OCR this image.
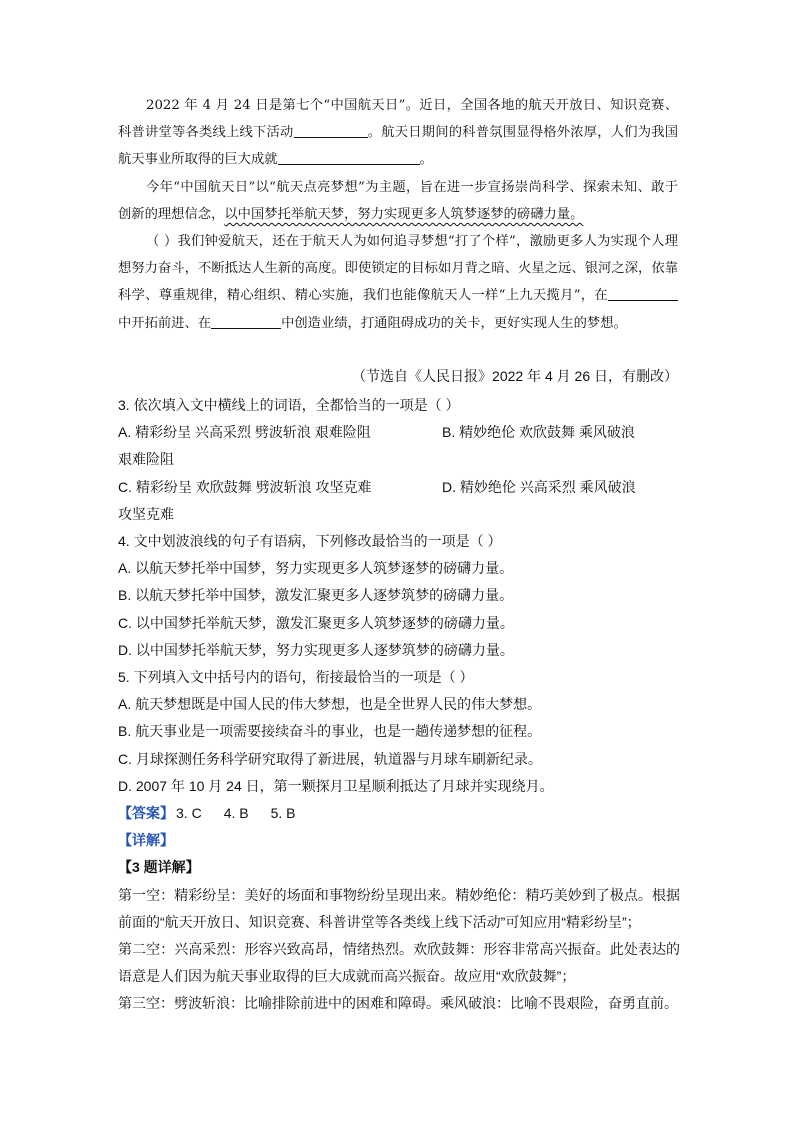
2022 年 4 月 24 日是第七个“中国航天日”。近日，全国各地的航天开放日、知识竞赛、科普讲堂等各类线上线下活动	。航天日期间的科普氛围显得格外浓厚，人们为我国航天事业所取得的巨大成就	。

今年“中国航天日”以“航天点亮梦想”为主题，旨在进一步宣扬崇尚科学、探索未知、敢于创新的理想信念，以中国梦托举航天梦，努力实现更多人筑梦逐梦的磅礴力量。

（ ）我们钟爱航天，还在于航天人为如何追寻梦想“打了个样”，激励更多人为实现个人理想努力奋斗，不断抵达人生新的高度。即使锁定的目标如月背之暗、火星之远、银河之深，依靠科学、尊重规律，精心组织、精心实施，我们也能像航天人一样“上九天揽月”，在中开拓前进、在	中创造业绩，打通阻碍成功的关卡，更好实现人生的梦想。

（节选自《人民日报》2022 年 4 月 26 日，有删改）
3. 依次填入文中横线上的词语，全都恰当的一项是（ ）
A. 精彩纷呈 兴高采烈 劈波斩浪 艰难险阻	B. 精妙绝伦 欢欣鼓舞 乘风破浪
艰难险阻
C. 精彩纷呈 欢欣鼓舞 劈波斩浪 攻坚克难	D. 精妙绝伦 兴高采烈 乘风破浪
攻坚克难
4. 文中划波浪线的句子有语病，下列修改最恰当的一项是（ ）
A. 以航天梦托举中国梦，努力实现更多人筑梦逐梦的磅礴力量。
B. 以航天梦托举中国梦，激发汇聚更多人逐梦筑梦的磅礴力量。
C. 以中国梦托举航天梦，激发汇聚更多人筑梦逐梦的磅礴力量。
D. 以中国梦托举航天梦，努力实现更多人逐梦筑梦的磅礴力量。
5. 下列填入文中括号内的语句，衔接最恰当的一项是（ ）
A. 航天梦想既是中国人民的伟大梦想，也是全世界人民的伟大梦想。
B. 航天事业是一项需要接续奋斗的事业，也是一趟传递梦想的征程。
C. 月球探测任务科学研究取得了新进展，轨道器与月球车刷新纪录。
D. 2007 年 10 月 24 日，第一颗探月卫星顺利抵达了月球并实现绕月。
【答案】 3. C 4. B 5. B
【详解】
【3 题详解】
第一空：精彩纷呈：美好的场面和事物纷纷呈现出来。精妙绝伦：精巧美妙到了极点。根据前面的“航天开放日、知识竞赛、科普讲堂等各类线上线下活动”可知应用“精彩纷呈”；
第二空：兴高采烈：形容兴致高昂，情绪热烈。欢欣鼓舞：形容非常高兴振奋。此处表达的语意是人们因为航天事业取得的巨大成就而高兴振奋。故应用“欢欣鼓舞”；
第三空：劈波斩浪：比喻排除前进中的困难和障碍。乘风破浪：比喻不畏艰险，奋勇直前。
